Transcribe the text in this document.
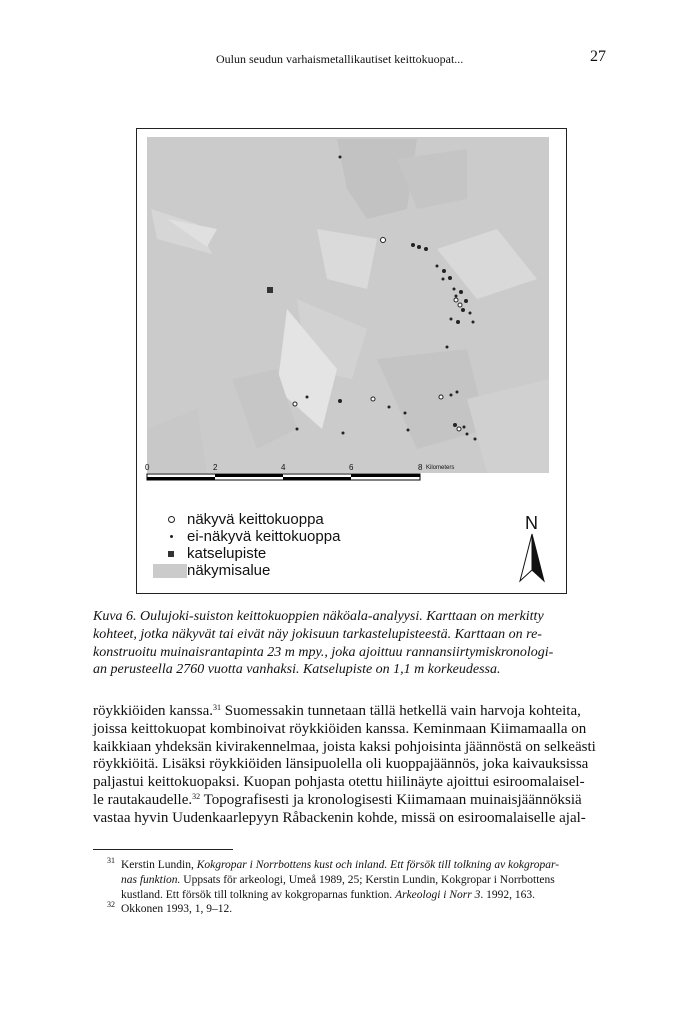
Oulun seudun varhaismetallikautiset keittokuopat...	27
0	2	4	6	8 Kilometers
näkyvä keittokuoppa
ei-näkyvä keittokuoppa
katselupiste
näkymisalue
N
Kuva 6. Oulujoki-suiston keittokuoppien näköala-analyysi. Karttaan on merkitty
kohteet, jotka näkyvät tai eivät näy jokisuun tarkastelupisteestä. Karttaan on re-
konstruoitu muinaisrantapinta 23 m mpy., joka ajoittuu rannansiirtymiskronologi-
an perusteella 2760 vuotta vanhaksi. Katselupiste on 1,1 m korkeudessa.
röykkiöiden kanssa.$^{31}$ Suomessakin tunnetaan tällä hetkellä vain harvoja kohteita,
joissa keittokuopat kombinoivat röykkiöiden kanssa. Keminmaan Kiimamaalla on
kaikkiaan yhdeksän kivirakennelmaa, joista kaksi pohjoisinta jäännöstä on selkeästi
röykkiöitä. Lisäksi röykkiöiden länsipuolella oli kuoppajäännös, joka kaivauksissa
paljastui keittokuopaksi. Kuopan pohjasta otettu hiilinäyte ajoittui esiroomalaisel-
le rautakaudelle.$^{32}$ Topografisesti ja kronologisesti Kiimamaan muinaisjäännöksiä
vastaa hyvin Uudenkaarlepyyn Råbackenin kohde, missä on esiroomalaiselle ajal-
$^{31}$ Kerstin Lundin, Kokgropar i Norrbottens kust och inland. Ett försök till tolkning av kokgropar-
nas funktion. Uppsats för arkeologi, Umeå 1989, 25; Kerstin Lundin, Kokgropar i Norrbottens
kustland. Ett försök till tolkning av kokgroparnas funktion. Arkeologi i Norr 3. 1992, 163.
$^{32}$ Okkonen 1993, 1, 9–12.
